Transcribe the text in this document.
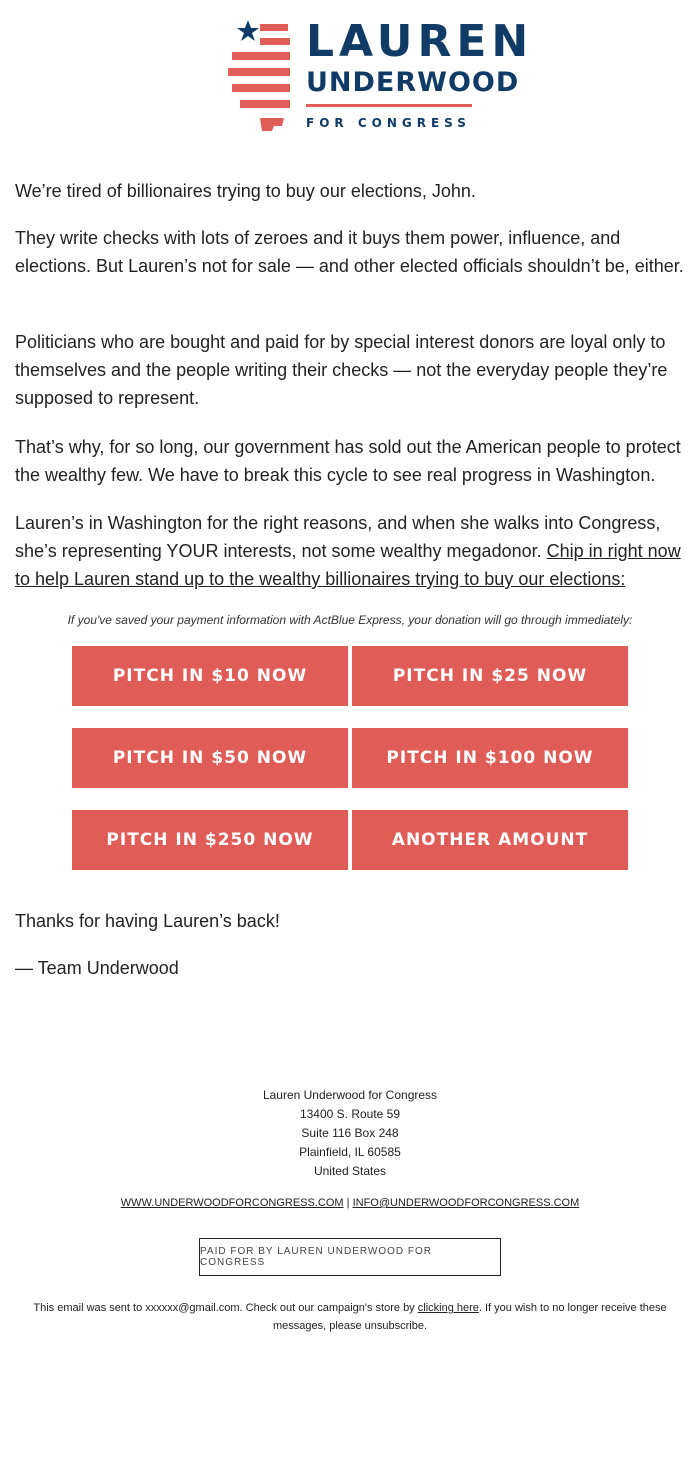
LAUREN
UNDERWOOD
FOR CONGRESS

We’re tired of billionaires trying to buy our elections, John.

They write checks with lots of zeroes and it buys them power, influence, and elections. But Lauren’s not for sale — and other elected officials shouldn’t be, either.

Politicians who are bought and paid for by special interest donors are loyal only to themselves and the people writing their checks — not the everyday people they’re supposed to represent.

That’s why, for so long, our government has sold out the American people to protect the wealthy few. We have to break this cycle to see real progress in Washington.

Lauren’s in Washington for the right reasons, and when she walks into Congress, she’s representing YOUR interests, not some wealthy megadonor. Chip in right now to help Lauren stand up to the wealthy billionaires trying to buy our elections:

If you've saved your payment information with ActBlue Express, your donation will go through immediately:
PITCH IN $10 NOW	PITCH IN $25 NOW
PITCH IN $50 NOW	PITCH IN $100 NOW
PITCH IN $250 NOW	ANOTHER AMOUNT

Thanks for having Lauren’s back!

— Team Underwood

Lauren Underwood for Congress
13400 S. Route 59
Suite 116 Box 248
Plainfield, IL 60585
United States
WWW.UNDERWOODFORCONGRESS.COM | INFO@UNDERWOODFORCONGRESS.COM
PAID FOR BY LAUREN UNDERWOOD FOR CONGRESS
This email was sent to xxxxxx@gmail.com. Check out our campaign's store by clicking here. If you wish to no longer receive these messages, please unsubscribe.
